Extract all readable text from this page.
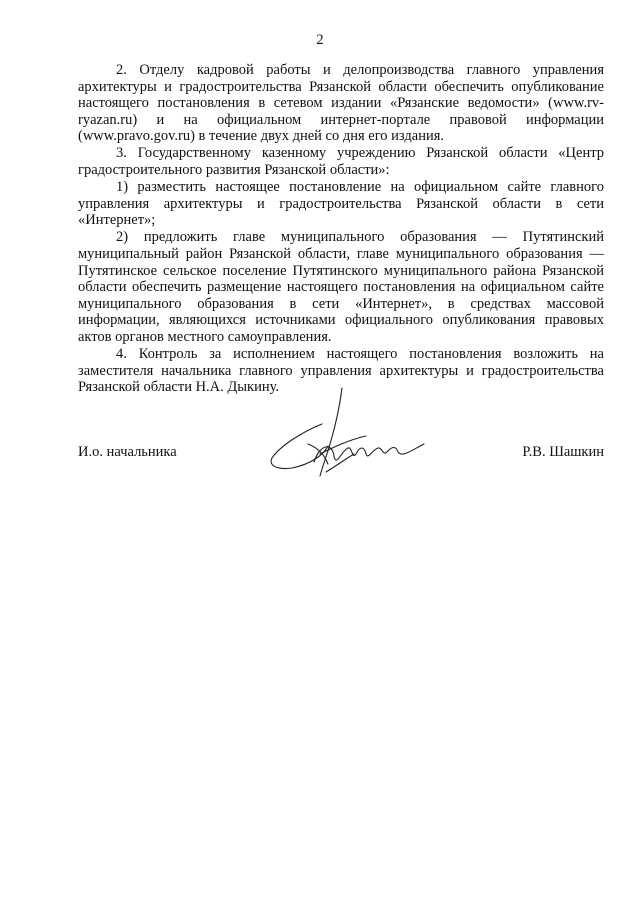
2

2. Отделу кадровой работы и делопроизводства главного управления архитектуры и градостроительства Рязанской области обеспечить опубликование настоящего постановления в сетевом издании «Рязанские ведомости» (www.rv-ryazan.ru) и на официальном интернет-портале правовой информации (www.pravo.gov.ru) в течение двух дней со дня его издания.

3. Государственному казенному учреждению Рязанской области «Центр градостроительного развития Рязанской области»:

1) разместить настоящее постановление на официальном сайте главного управления архитектуры и градостроительства Рязанской области в сети «Интернет»;

2) предложить главе муниципального образования — Путятинский муниципальный район Рязанской области, главе муниципального образования — Путятинское сельское поселение Путятинского муниципального района Рязанской области обеспечить размещение настоящего постановления на официальном сайте муниципального образования в сети «Интернет», в средствах массовой информации, являющихся источниками официального опубликования правовых актов органов местного самоуправления.

4. Контроль за исполнением настоящего постановления возложить на заместителя начальника главного управления архитектуры и градостроительства Рязанской области Н.А. Дыкину.

И.о. начальника	Р.В. Шашкин
